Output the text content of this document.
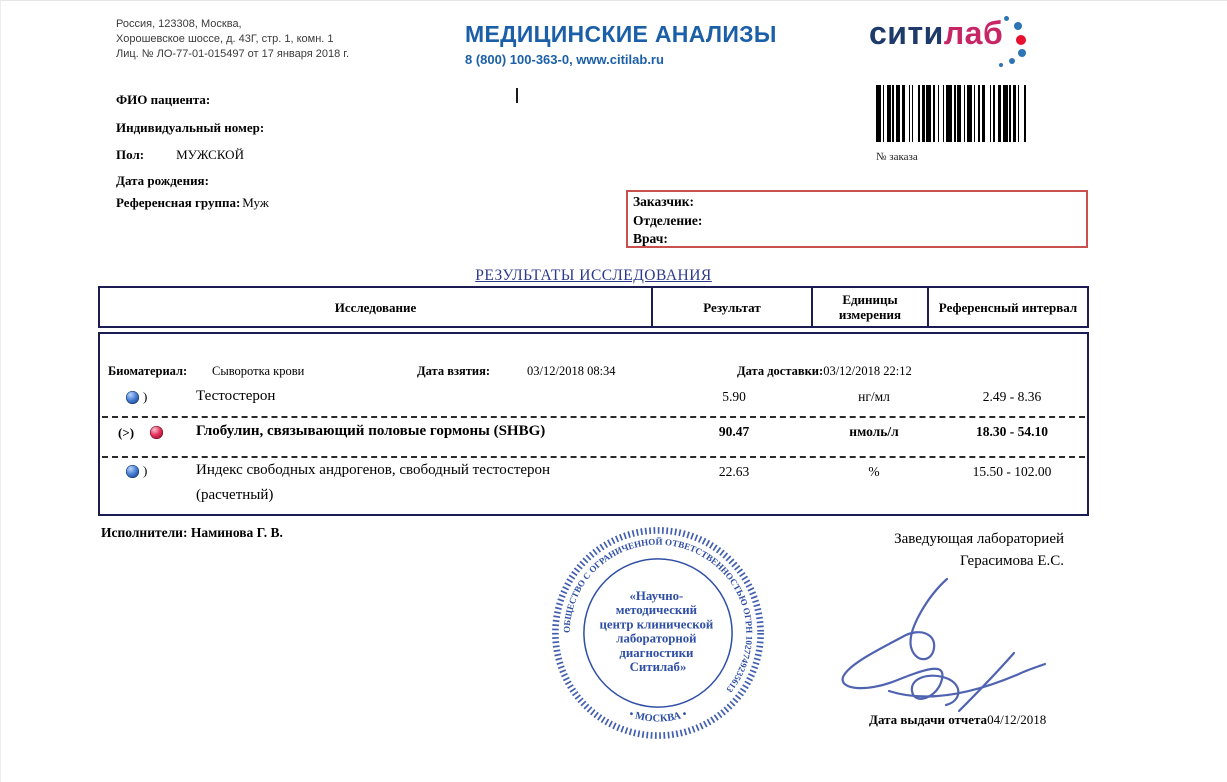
Россия, 123308, Москва,
Хорошевское шоссе, д. 43Г, стр. 1, комн. 1
Лиц. № ЛО-77-01-015497 от 17 января 2018 г.
МЕДИЦИНСКИЕ АНАЛИЗЫ
8 (800) 100-363-0, www.citilab.ru
ситилаб
ФИО пациента:
Индивидуальный номер:
Пол: МУЖСКОЙ
Дата рождения:
Референсная группа: Муж
№ заказа
Заказчик:
Отделение:
Врач:
РЕЗУЛЬТАТЫ ИССЛЕДОВАНИЯ
Исследование	Результат	Единицы измерения	Референсный интервал
Биоматериал: Сыворотка крови	Дата взятия:	03/12/2018 08:34	Дата доставки:03/12/2018 22:12
)	Тестостерон	5.90	нг/мл	2.49 - 8.36
(>)	Глобулин, связывающий половые гормоны (SHBG)	90.47	нмоль/л	18.30 - 54.10
)	Индекс свободных андрогенов, свободный тестостерон
(расчетный)
22.63	%	15.50 - 102.00
Исполнители: Наминова Г. В.	Заведующая лабораторией
Герасимова Е.С.
ОБЩЕСТВО С ОГРАНИЧЕННОЙ ОТВЕТСТВЕННОСТЬЮ ОГРН 1027749235613
• МОСКВА •
«Научно- методический центр клинической лабораторной диагностики Ситилаб»
Дата выдачи отчета04/12/2018
